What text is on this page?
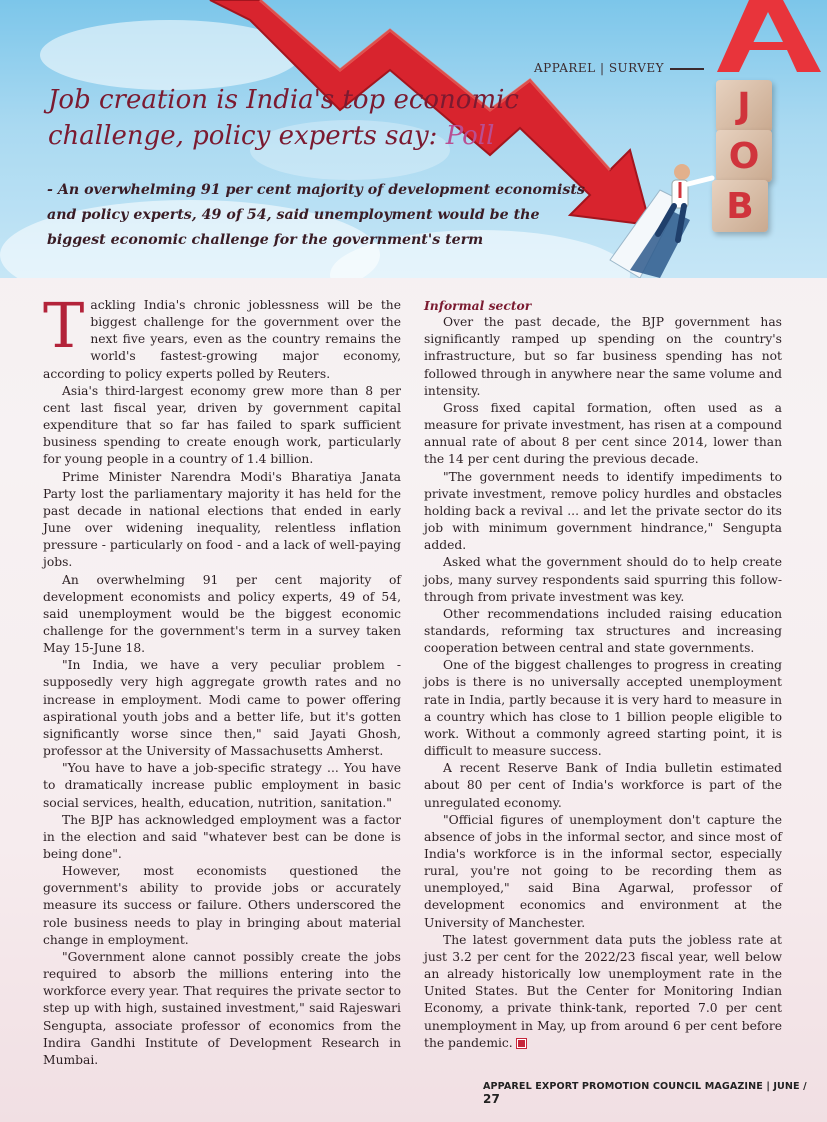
J
O
B
APPAREL | SURVEY
Job creation is India's top economic challenge, policy experts say: Poll

- An overwhelming 91 per cent majority of development economists and policy experts, 49 of 54, said unemployment would be the biggest economic challenge for the government's term

Tackling India's chronic joblessness will be the biggest challenge for the government over the next five years, even as the country remains the world's fastest-growing major economy, according to policy experts polled by Reuters.

Asia's third-largest economy grew more than 8 per cent last fiscal year, driven by government capital expenditure that so far has failed to spark sufficient business spending to create enough work, particularly for young people in a country of 1.4 billion.

Prime Minister Narendra Modi's Bharatiya Janata Party lost the parliamentary majority it has held for the past decade in national elections that ended in early June over widening inequality, relentless inflation pressure - particularly on food - and a lack of well-paying jobs.

An overwhelming 91 per cent majority of development economists and policy experts, 49 of 54, said unemployment would be the biggest economic challenge for the government's term in a survey taken May 15-June 18.

"In India, we have a very peculiar problem - supposedly very high aggregate growth rates and no increase in employment. Modi came to power offering aspirational youth jobs and a better life, but it's gotten significantly worse since then," said Jayati Ghosh, professor at the University of Massachusetts Amherst.

"You have to have a job-specific strategy ... You have to dramatically increase public employment in basic social services, health, education, nutrition, sanitation."

The BJP has acknowledged employment was a factor in the election and said "whatever best can be done is being done".

However, most economists questioned the government's ability to provide jobs or accurately measure its success or failure. Others underscored the role business needs to play in bringing about material change in employment.

"Government alone cannot possibly create the jobs required to absorb the millions entering into the workforce every year. That requires the private sector to step up with high, sustained investment," said Rajeswari Sengupta, associate professor of economics from the Indira Gandhi Institute of Development Research in Mumbai.

Informal sector

Over the past decade, the BJP government has significantly ramped up spending on the country's infrastructure, but so far business spending has not followed through in anywhere near the same volume and intensity.

Gross fixed capital formation, often used as a measure for private investment, has risen at a compound annual rate of about 8 per cent since 2014, lower than the 14 per cent during the previous decade.

"The government needs to identify impediments to private investment, remove policy hurdles and obstacles holding back a revival ... and let the private sector do its job with minimum government hindrance," Sengupta added.

Asked what the government should do to help create jobs, many survey respondents said spurring this follow-through from private investment was key.

Other recommendations included raising education standards, reforming tax structures and increasing cooperation between central and state governments.

One of the biggest challenges to progress in creating jobs is there is no universally accepted unemployment rate in India, partly because it is very hard to measure in a country which has close to 1 billion people eligible to work. Without a commonly agreed starting point, it is difficult to measure success.

A recent Reserve Bank of India bulletin estimated about 80 per cent of India's workforce is part of the unregulated economy.

"Official figures of unemployment don't capture the absence of jobs in the informal sector, and since most of India's workforce is in the informal sector, especially rural, you're not going to be recording them as unemployed," said Bina Agarwal, professor of development economics and environment at the University of Manchester.

The latest government data puts the jobless rate at just 3.2 per cent for the 2022/23 fiscal year, well below an already historically low unemployment rate in the United States. But the Center for Monitoring Indian Economy, a private think-tank, reported 7.0 per cent unemployment in May, up from around 6 per cent before the pandemic.

APPAREL EXPORT PROMOTION COUNCIL MAGAZINE | JUNE / 27
